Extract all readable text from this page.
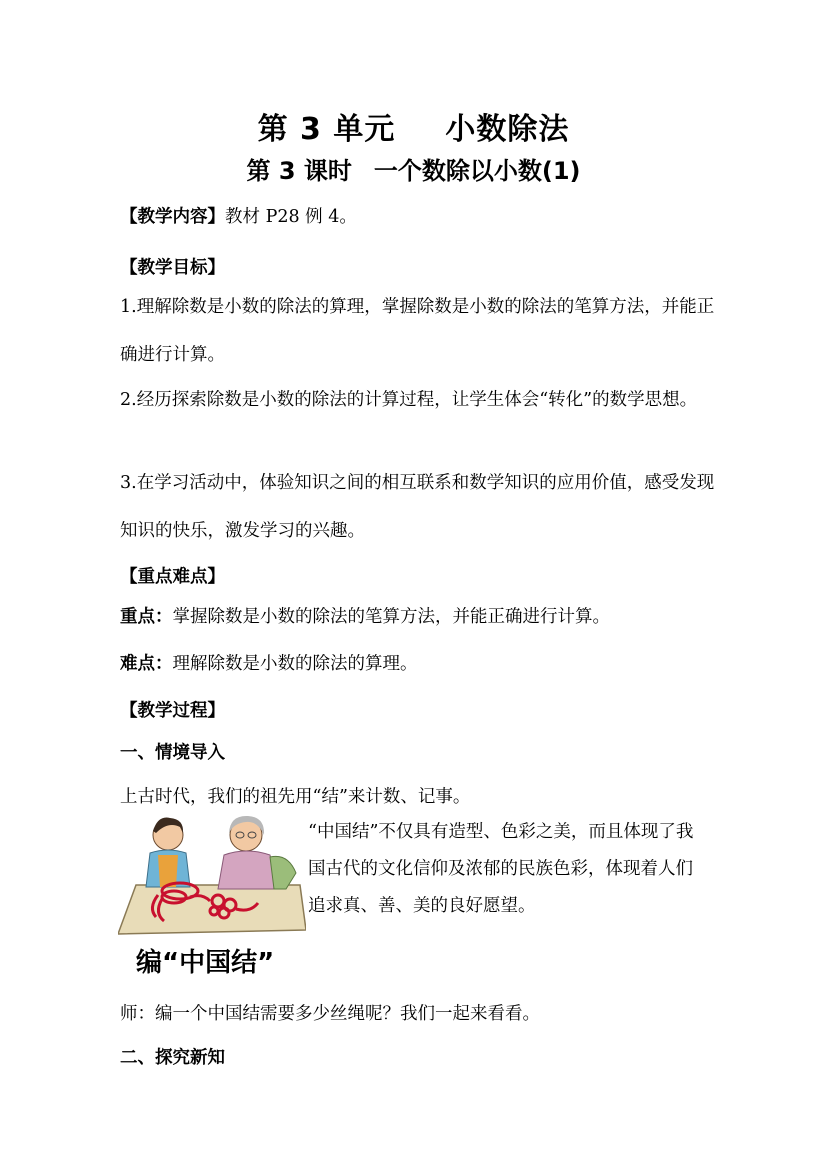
第 3 单元 小数除法
第 3 课时 一个数除以小数(1)
【教学内容】教材 P28 例 4。
【教学目标】
1.理解除数是小数的除法的算理，掌握除数是小数的除法的笔算方法，并能正确进行计算。
2.经历探索除数是小数的除法的计算过程，让学生体会“转化”的数学思想。
3.在学习活动中，体验知识之间的相互联系和数学知识的应用价值，感受发现知识的快乐，激发学习的兴趣。
【重点难点】
重点：掌握除数是小数的除法的笔算方法，并能正确进行计算。
难点：理解除数是小数的除法的算理。
【教学过程】
一、情境导入
上古时代，我们的祖先用“结”来计数、记事。
“中国结”不仅具有造型、色彩之美，而且体现了我国古代的文化信仰及浓郁的民族色彩，体现着人们追求真、善、美的良好愿望。
编“中国结”
师：编一个中国结需要多少丝绳呢？我们一起来看看。
二、探究新知
